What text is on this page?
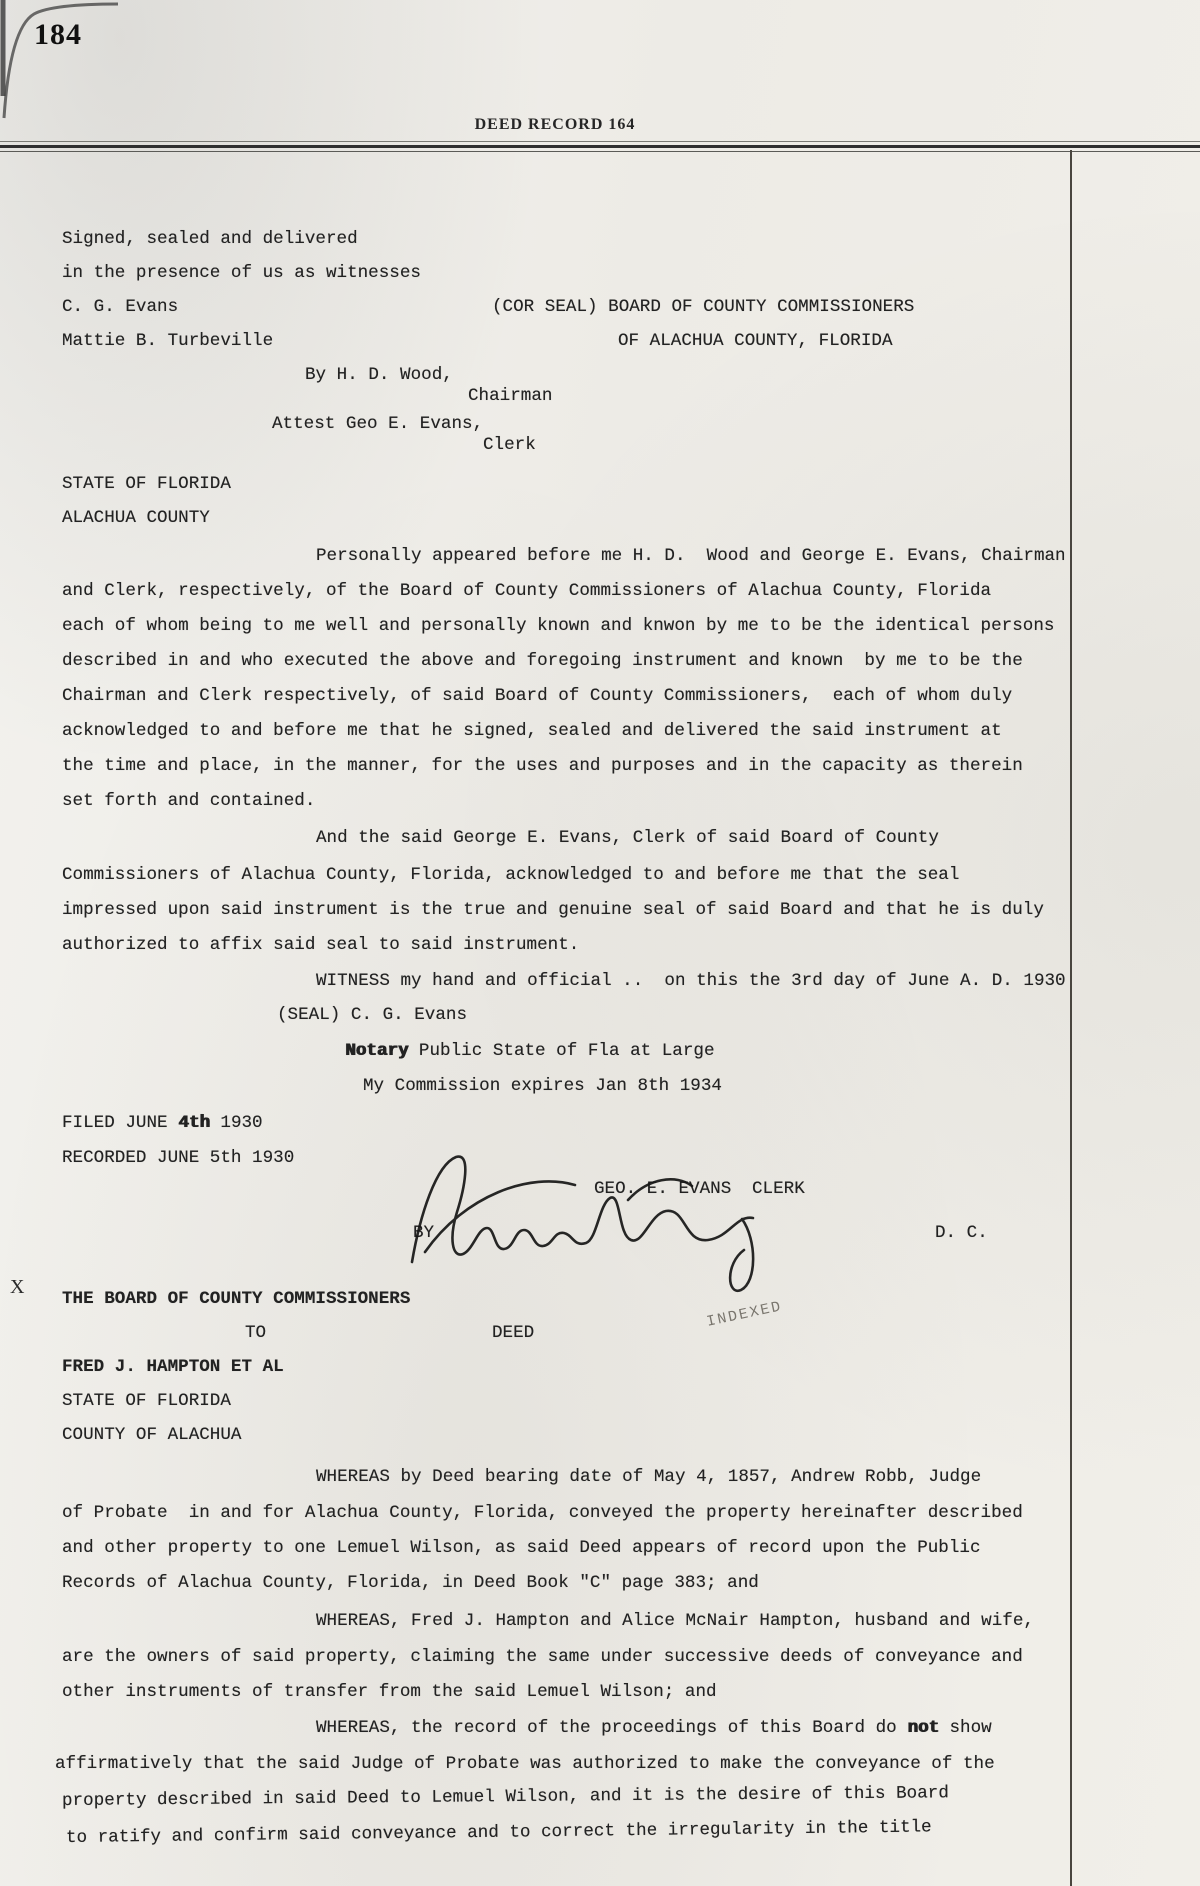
184
DEED RECORD 164
Signed, sealed and delivered
in the presence of us as witnesses
C. G. Evans	(COR SEAL) BOARD OF COUNTY COMMISSIONERS
Mattie B. Turbeville	OF ALACHUA COUNTY, FLORIDA
By H. D. Wood,
Chairman
Attest Geo E. Evans,
Clerk
STATE OF FLORIDA
ALACHUA COUNTY
Personally appeared before me H. D.  Wood and George E. Evans, Chairman
and Clerk, respectively, of the Board of County Commissioners of Alachua County, Florida
each of whom being to me well and personally known and knwon by me to be the identical persons
described in and who executed the above and foregoing instrument and known  by me to be the
Chairman and Clerk respectively, of said Board of County Commissioners,  each of whom duly
acknowledged to and before me that he signed, sealed and delivered the said instrument at
the time and place, in the manner, for the uses and purposes and in the capacity as therein
set forth and contained.
And the said George E. Evans, Clerk of said Board of County
Commissioners of Alachua County, Florida, acknowledged to and before me that the seal
impressed upon said instrument is the true and genuine seal of said Board and that he is duly
authorized to affix said seal to said instrument.
WITNESS my hand and official ..  on this the 3rd day of June A. D. 1930
(SEAL) C. G. Evans
Notary Public State of Fla at Large
My Commission expires Jan 8th 1934
FILED JUNE 4th 1930
RECORDED JUNE 5th 1930
GEO. E. EVANS CLERK
BY	D. C.
X
THE BOARD OF COUNTY COMMISSIONERS
TO	DEED
INDEXED
FRED J. HAMPTON ET AL
STATE OF FLORIDA
COUNTY OF ALACHUA
WHEREAS by Deed bearing date of May 4, 1857, Andrew Robb, Judge
of Probate  in and for Alachua County, Florida, conveyed the property hereinafter described
and other property to one Lemuel Wilson, as said Deed appears of record upon the Public
Records of Alachua County, Florida, in Deed Book "C" page 383; and
WHEREAS, Fred J. Hampton and Alice McNair Hampton, husband and wife,
are the owners of said property, claiming the same under successive deeds of conveyance and
other instruments of transfer from the said Lemuel Wilson; and
WHEREAS, the record of the proceedings of this Board do not show
affirmatively that the said Judge of Probate was authorized to make the conveyance of the
property described in said Deed to Lemuel Wilson, and it is the desire of this Board
to ratify and confirm said conveyance and to correct the irregularity in the title
